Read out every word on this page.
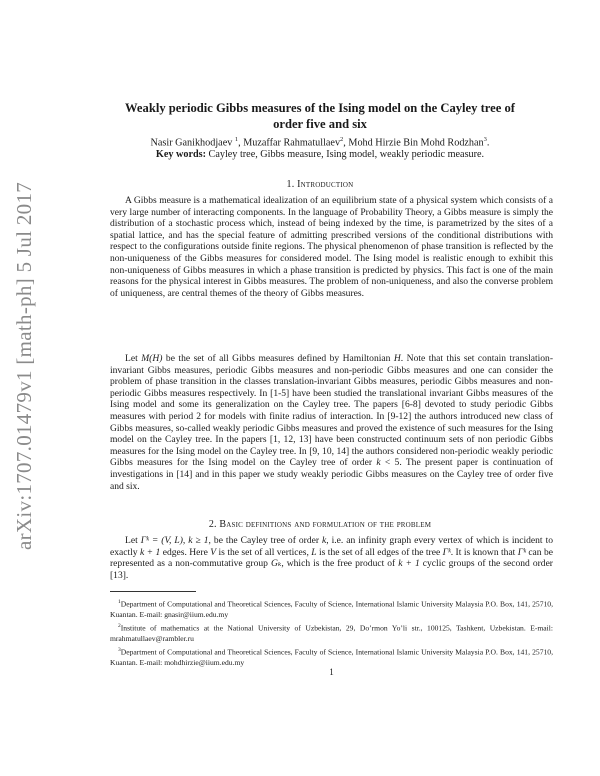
arXiv:1707.01479v1 [math-ph] 5 Jul 2017
Weakly periodic Gibbs measures of the Ising model on the Cayley tree of order five and six
Nasir Ganikhodjaev $^1$, Muzaffar Rahmatullaev$^2$, Mohd Hirzie Bin Mohd Rodzhan$^3$.
Key words: Cayley tree, Gibbs measure, Ising model, weakly periodic measure.
1. Introduction

A Gibbs measure is a mathematical idealization of an equilibrium state of a physical system which consists of a very large number of interacting components. In the language of Probability Theory, a Gibbs measure is simply the distribution of a stochastic process which, instead of being indexed by the time, is parametrized by the sites of a spatial lattice, and has the special feature of admitting prescribed versions of the conditional distributions with respect to the configurations outside finite regions. The physical phenomenon of phase transition is reflected by the non-uniqueness of the Gibbs measures for considered model. The Ising model is realistic enough to exhibit this non-uniqueness of Gibbs measures in which a phase transition is predicted by physics. This fact is one of the main reasons for the physical interest in Gibbs measures. The problem of non-uniqueness, and also the converse problem of uniqueness, are central themes of the theory of Gibbs measures.

Let M(H) be the set of all Gibbs measures defined by Hamiltonian H. Note that this set contain translation-invariant Gibbs measures, periodic Gibbs measures and non-periodic Gibbs measures and one can consider the problem of phase transition in the classes translation-invariant Gibbs measures, periodic Gibbs measures and non-periodic Gibbs measures respectively. In [1-5] have been studied the translational invariant Gibbs measures of the Ising model and some its generalization on the Cayley tree. The papers [6-8] devoted to study periodic Gibbs measures with period 2 for models with finite radius of interaction. In [9-12] the authors introduced new class of Gibbs measures, so-called weakly periodic Gibbs measures and proved the existence of such measures for the Ising model on the Cayley tree. In the papers [1, 12, 13] have been constructed continuum sets of non periodic Gibbs measures for the Ising model on the Cayley tree. In [9, 10, 14] the authors considered non-periodic weakly periodic Gibbs measures for the Ising model on the Cayley tree of order k < 5. The present paper is continuation of investigations in [14] and in this paper we study weakly periodic Gibbs measures on the Cayley tree of order five and six.

2. Basic definitions and formulation of the problem

Let Γᵏ = (V, L), k ≥ 1, be the Cayley tree of order k, i.e. an infinity graph every vertex of which is incident to exactly k + 1 edges. Here V is the set of all vertices, L is the set of all edges of the tree Γᵏ. It is known that Γᵏ can be represented as a non-commutative group Gₖ, which is the free product of k + 1 cyclic groups of the second order [13].

$^1$Department of Computational and Theoretical Sciences, Faculty of Science, International Islamic University Malaysia P.O. Box, 141, 25710, Kuantan. E-mail: gnasir@iium.edu.my

$^2$Institute of mathematics at the National University of Uzbekistan, 29, Do’rmon Yo’li str., 100125, Tashkent, Uzbekistan. E-mail: mrahmatullaev@rambler.ru

$^3$Department of Computational and Theoretical Sciences, Faculty of Science, International Islamic University Malaysia P.O. Box, 141, 25710, Kuantan. E-mail: mohdhirzie@iium.edu.my

1
